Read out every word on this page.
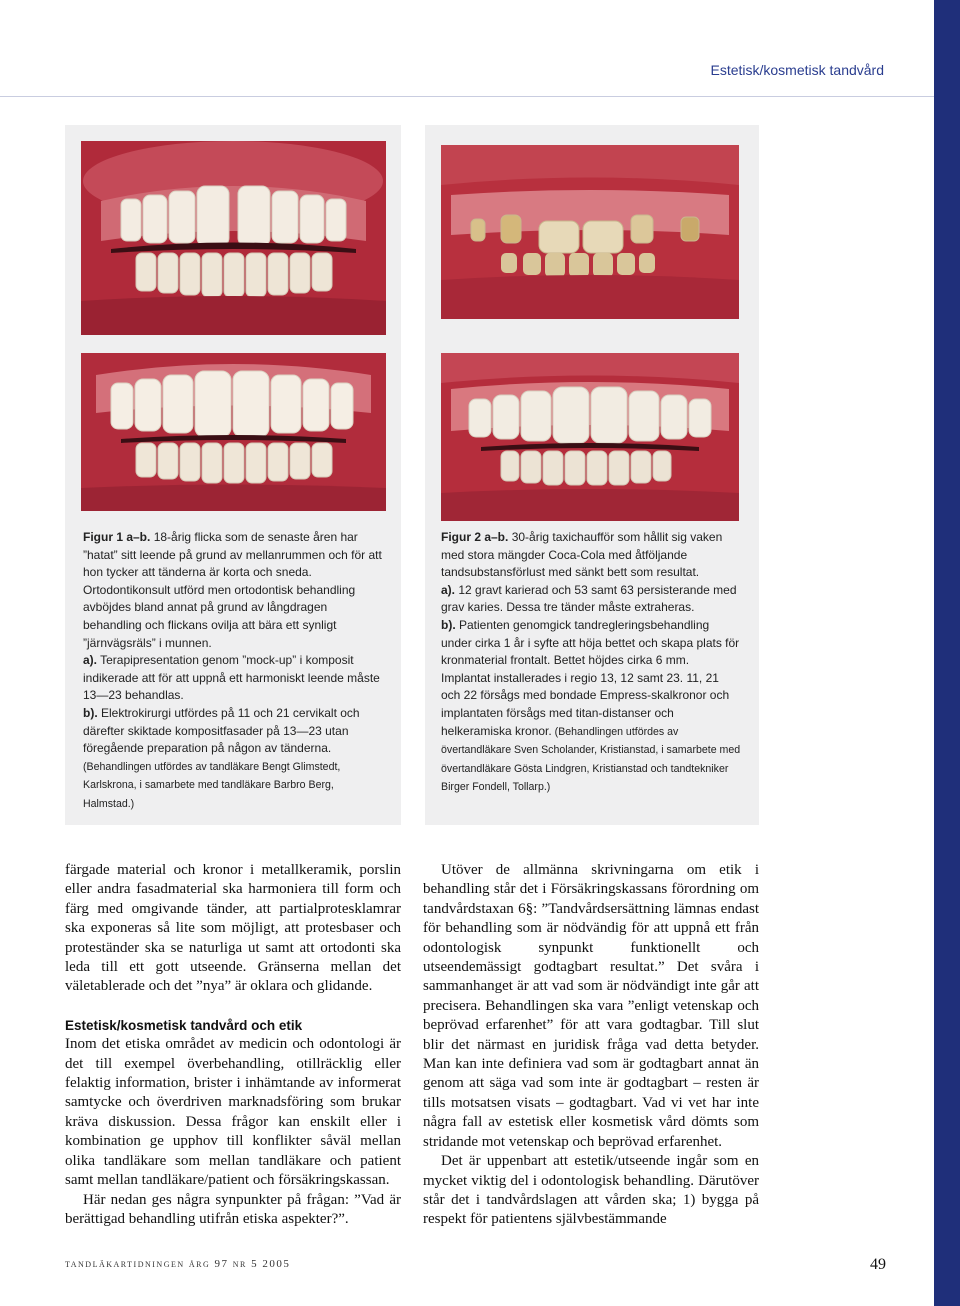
Estetisk/kosmetisk tandvård

Figur 1 a–b. 18-årig flicka som de senaste åren har ”hatat” sitt leende på grund av mellanrummen och för att hon tycker att tänderna är korta och sneda. Ortodontikonsult utförd men ortodontisk behandling avböjdes bland annat på grund av långdragen behandling och flickans ovilja att bära ett synligt ”järnvägsräls” i munnen.

a). Terapipresentation genom ”mock-up” i komposit indikerade att för att uppnå ett harmoniskt leende måste 13—23 behandlas.

b). Elektrokirurgi utfördes på 11 och 21 cervikalt och därefter skiktade kompositfasader på 13—23 utan föregående preparation på någon av tänderna.

(Behandlingen utfördes av tandläkare Bengt Glimstedt, Karlskrona, i samarbete med tandläkare Barbro Berg, Halmstad.)

Figur 2 a–b. 30-årig taxichaufför som hållit sig vaken med stora mängder Coca-Cola med åtföljande tandsubstansförlust med sänkt bett som resultat.

a). 12 gravt karierad och 53 samt 63 persisterande med grav karies. Dessa tre tänder måste extraheras.

b). Patienten genomgick tandregleringsbehandling under cirka 1 år i syfte att höja bettet och skapa plats för kronmaterial frontalt. Bettet höjdes cirka 6 mm. Implantat installerades i regio 13, 12 samt 23. 11, 21 och 22 försågs med bondade Empress-skalkronor och implantaten försågs med titan-distanser och helkeramiska kronor. (Behandlingen utfördes av övertandläkare Sven Scholander, Kristianstad, i samarbete med övertandläkare Gösta Lindgren, Kristianstad och tandtekniker Birger Fondell, Tollarp.)

färgade material och kronor i metallkeramik, porslin eller andra fasadmaterial ska harmoniera till form och färg med omgivande tänder, att partialprotesklamrar ska exponeras så lite som möjligt, att protesbaser och proteständer ska se naturliga ut samt att ortodonti ska leda till ett gott utseende. Gränserna mellan det väletablerade och det ”nya” är oklara och glidande.

Estetisk/kosmetisk tandvård och etik

Inom det etiska området av medicin och odontologi är det till exempel överbehandling, otillräcklig eller felaktig information, brister i inhämtande av informerat samtycke och överdriven marknadsföring som brukar kräva diskussion. Dessa frågor kan enskilt eller i kombination ge upphov till konflikter såväl mellan olika tandläkare som mellan tandläkare och patient samt mellan tandläkare/patient och försäkringskassan.

Här nedan ges några synpunkter på frågan: ”Vad är berättigad behandling utifrån etiska aspekter?”.

Utöver de allmänna skrivningarna om etik i behandling står det i Försäkringskassans förordning om tandvårdstaxan 6§: ”Tandvårdsersättning lämnas endast för behandling som är nödvändig för att uppnå ett från odontologisk synpunkt funktionellt och utseendemässigt godtagbart resultat.” Det svåra i sammanhanget är att vad som är nödvändigt inte går att precisera. Behandlingen ska vara ”enligt vetenskap och beprövad erfarenhet” för att vara godtagbar. Till slut blir det närmast en juridisk fråga vad detta betyder. Man kan inte definiera vad som är godtagbart annat än genom att säga vad som inte är godtagbart – resten är tills motsatsen visats – godtagbart. Vad vi vet har inte några fall av estetisk eller kosmetisk vård dömts som stridande mot vetenskap och beprövad erfarenhet.

Det är uppenbart att estetik/utseende ingår som en mycket viktig del i odontologisk behandling. Därutöver står det i tandvårdslagen att vården ska; 1) bygga på respekt för patientens självbestämmande

tandläkartidningen årg 97 nr 5 2005	49
